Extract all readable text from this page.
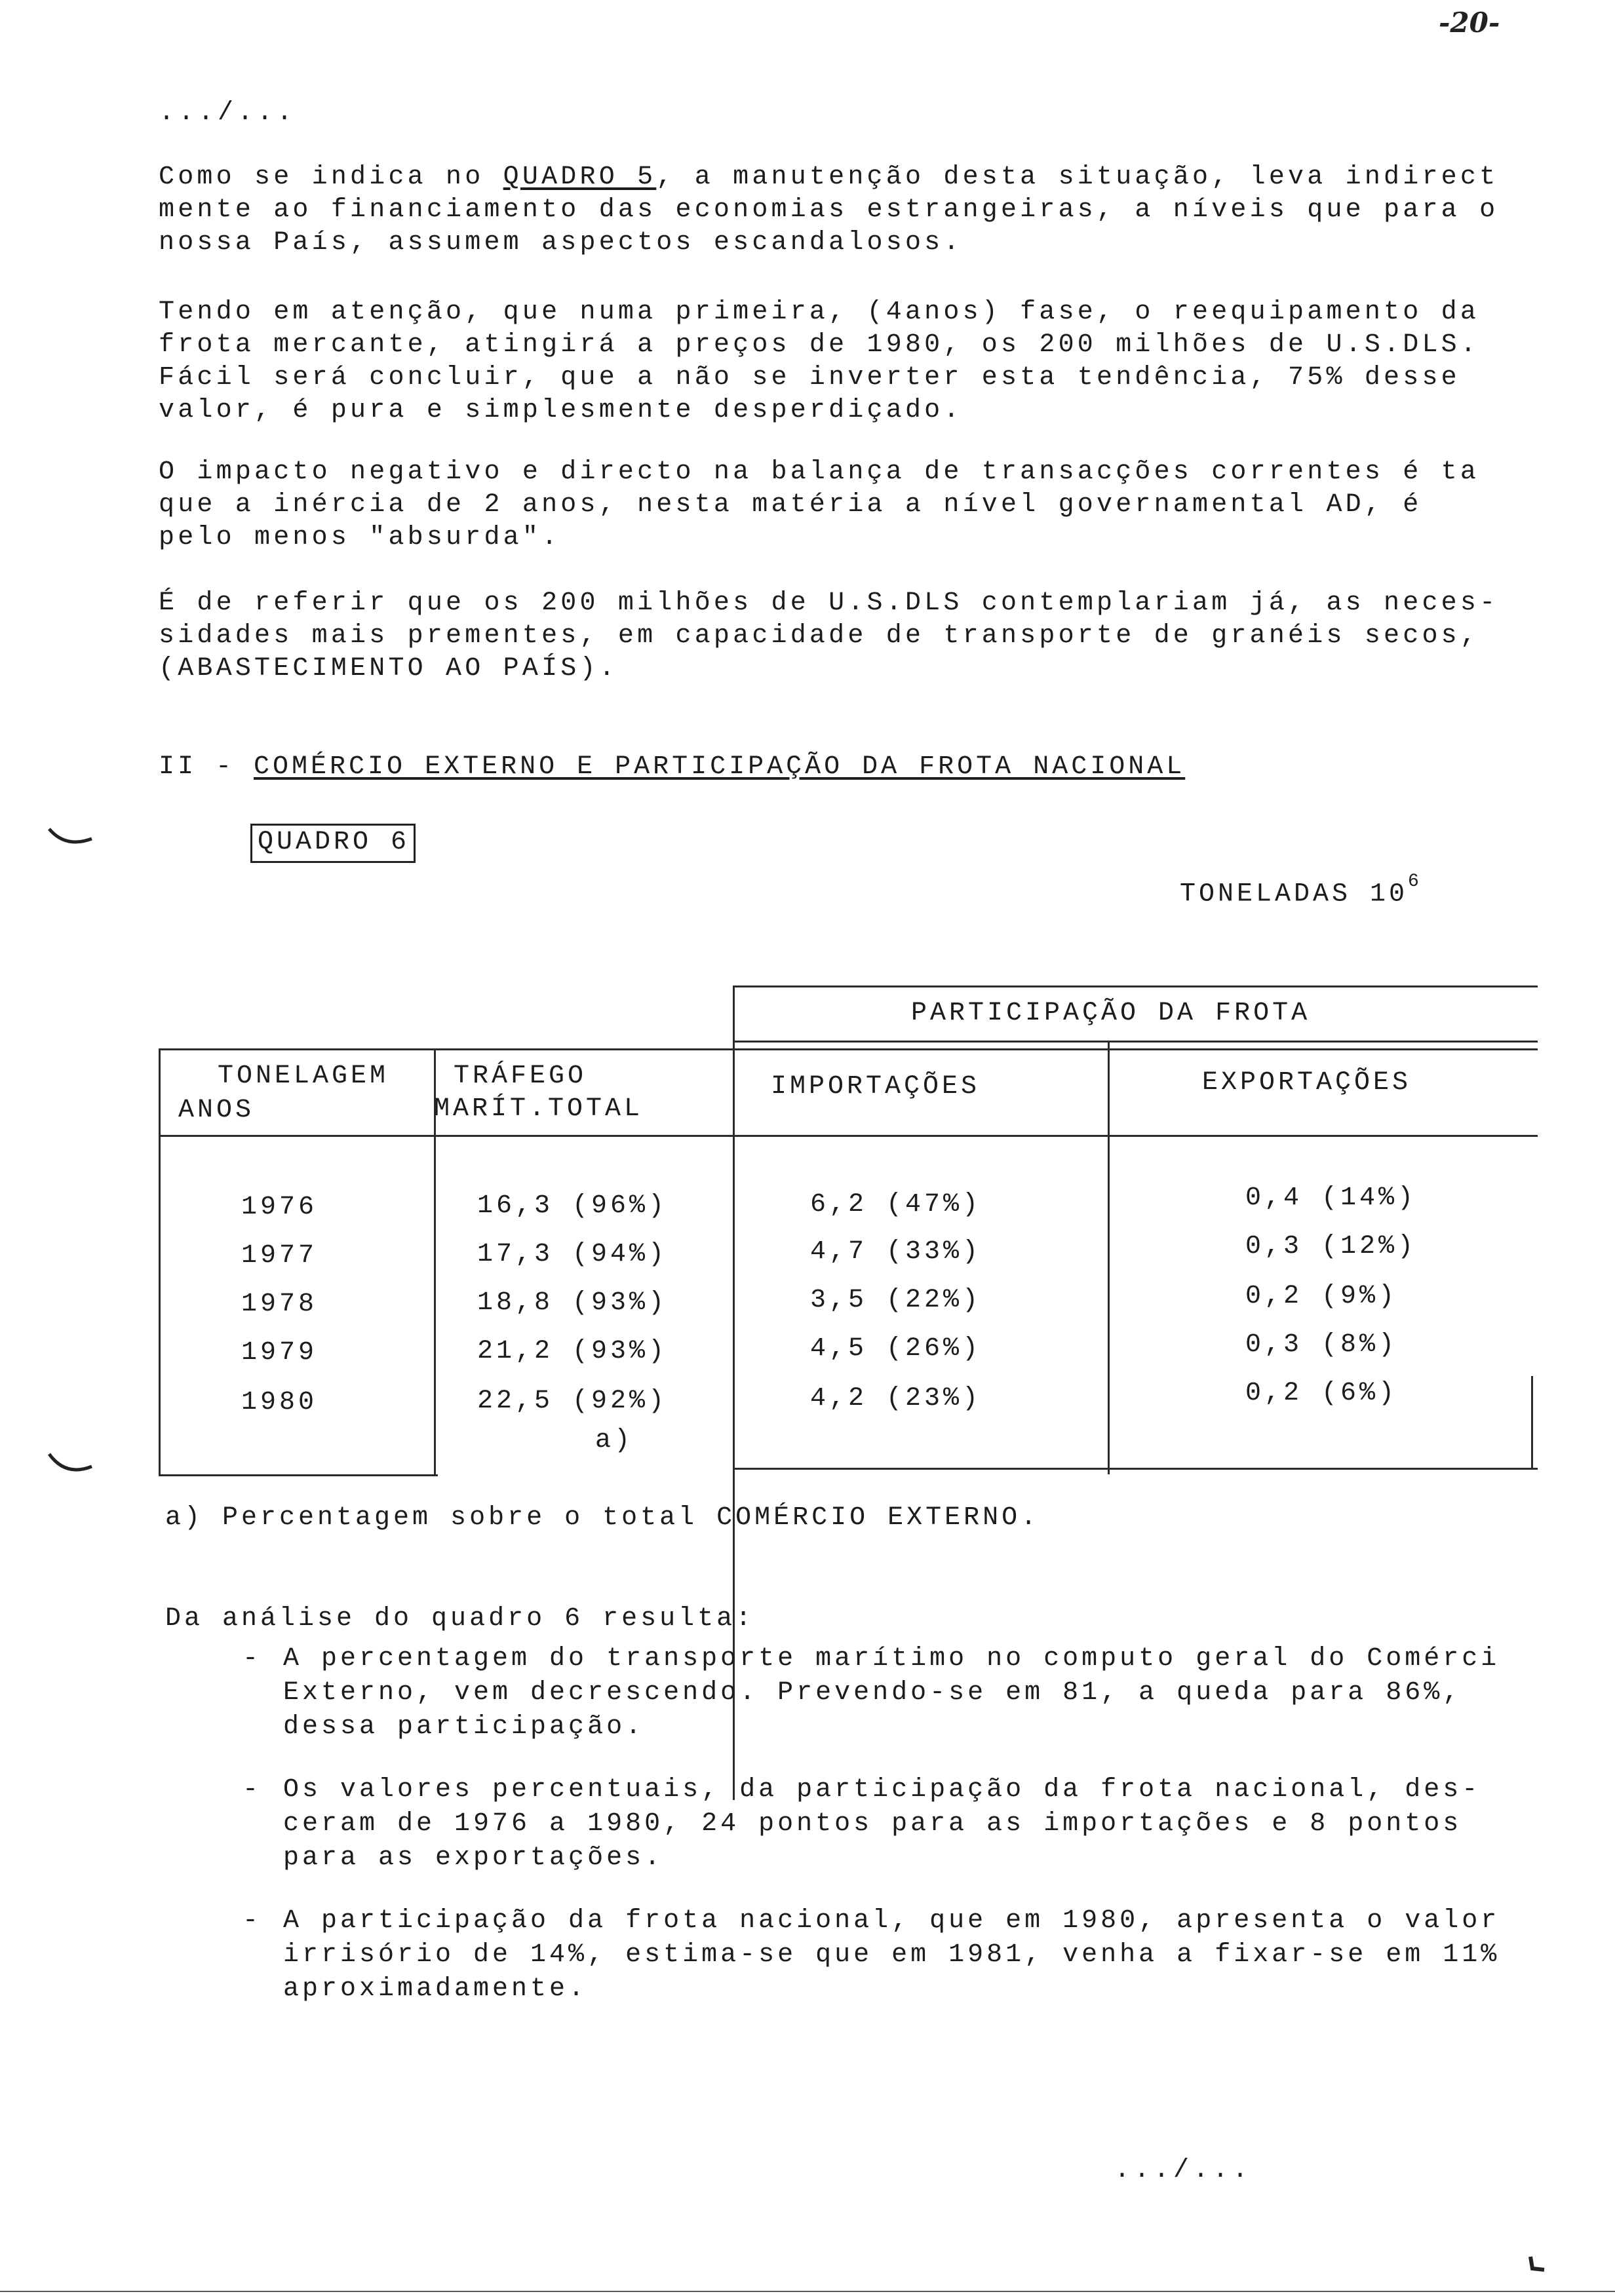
-20-
.../...
Como se indica no QUADRO 5, a manutenção desta situação, leva indirect
mente ao financiamento das economias estrangeiras, a níveis que para o
nossa País, assumem aspectos escandalosos.
Tendo em atenção, que numa primeira, (4anos) fase, o reequipamento da
frota mercante, atingirá a preços de 1980, os 200 milhões de U.S.DLS.
Fácil será concluir, que a não se inverter esta tendência, 75% desse
valor, é pura e simplesmente desperdiçado.
O impacto negativo e directo na balança de transacções correntes é ta
que a inércia de 2 anos, nesta matéria a nível governamental AD, é
pelo menos "absurda".
É de referir que os 200 milhões de U.S.DLS contemplariam já, as neces-
sidades mais prementes, em capacidade de transporte de granéis secos,
(ABASTECIMENTO AO PAÍS).
II - COMÉRCIO EXTERNO E PARTICIPAÇÃO DA FROTA NACIONAL
QUADRO 6
TONELADAS $10^6$
PARTICIPAÇÃO DA FROTA
TONELAGEM
ANOS
TRÁFEGO
MARÍT.TOTAL
IMPORTAÇÕES	EXPORTAÇÕES
1976	16,3 (96%)	6,2 (47%)	0,4 (14%)
1977	17,3 (94%)	4,7 (33%)	0,3 (12%)
1978	18,8 (93%)	3,5 (22%)	0,2 (9%)
1979	21,2 (93%)	4,5 (26%)	0,3 (8%)
1980	22,5 (92%)	4,2 (23%)	0,2 (6%)
a)
a) Percentagem sobre o total COMÉRCIO EXTERNO.
Da análise do quadro 6 resulta:
- A percentagem do transporte marítimo no computo geral do Comérci
Externo, vem decrescendo. Prevendo-se em 81, a queda para 86%,
dessa participação.
- Os valores percentuais, da participação da frota nacional, des-
ceram de 1976 a 1980, 24 pontos para as importações e 8 pontos
para as exportações.
- A participação da frota nacional, que em 1980, apresenta o valor
irrisório de 14%, estima-se que em 1981, venha a fixar-se em 11%
aproximadamente.
.../...
